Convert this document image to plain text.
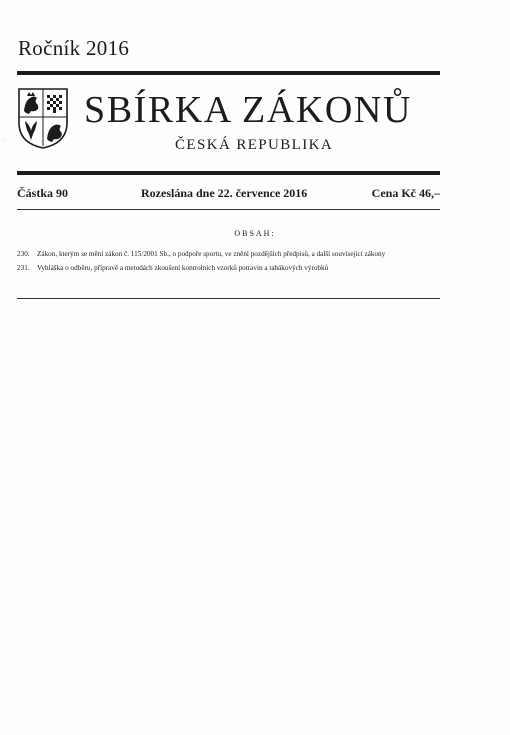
Ročník 2016
SBÍRKA ZÁKONŮ
ČESKÁ REPUBLIKA
Částka 90	Rozeslána dne 22. července 2016	Cena Kč 46,–
OBSAH:
230. Zákon, kterým se mění zákon č. 115/2001 Sb., o podpoře sportu, ve znění pozdějších předpisů, a další související zákony
231. Vyhláška o odběru, přípravě a metodách zkoušení kontrolních vzorků potravin a tabákových výrobků
·
